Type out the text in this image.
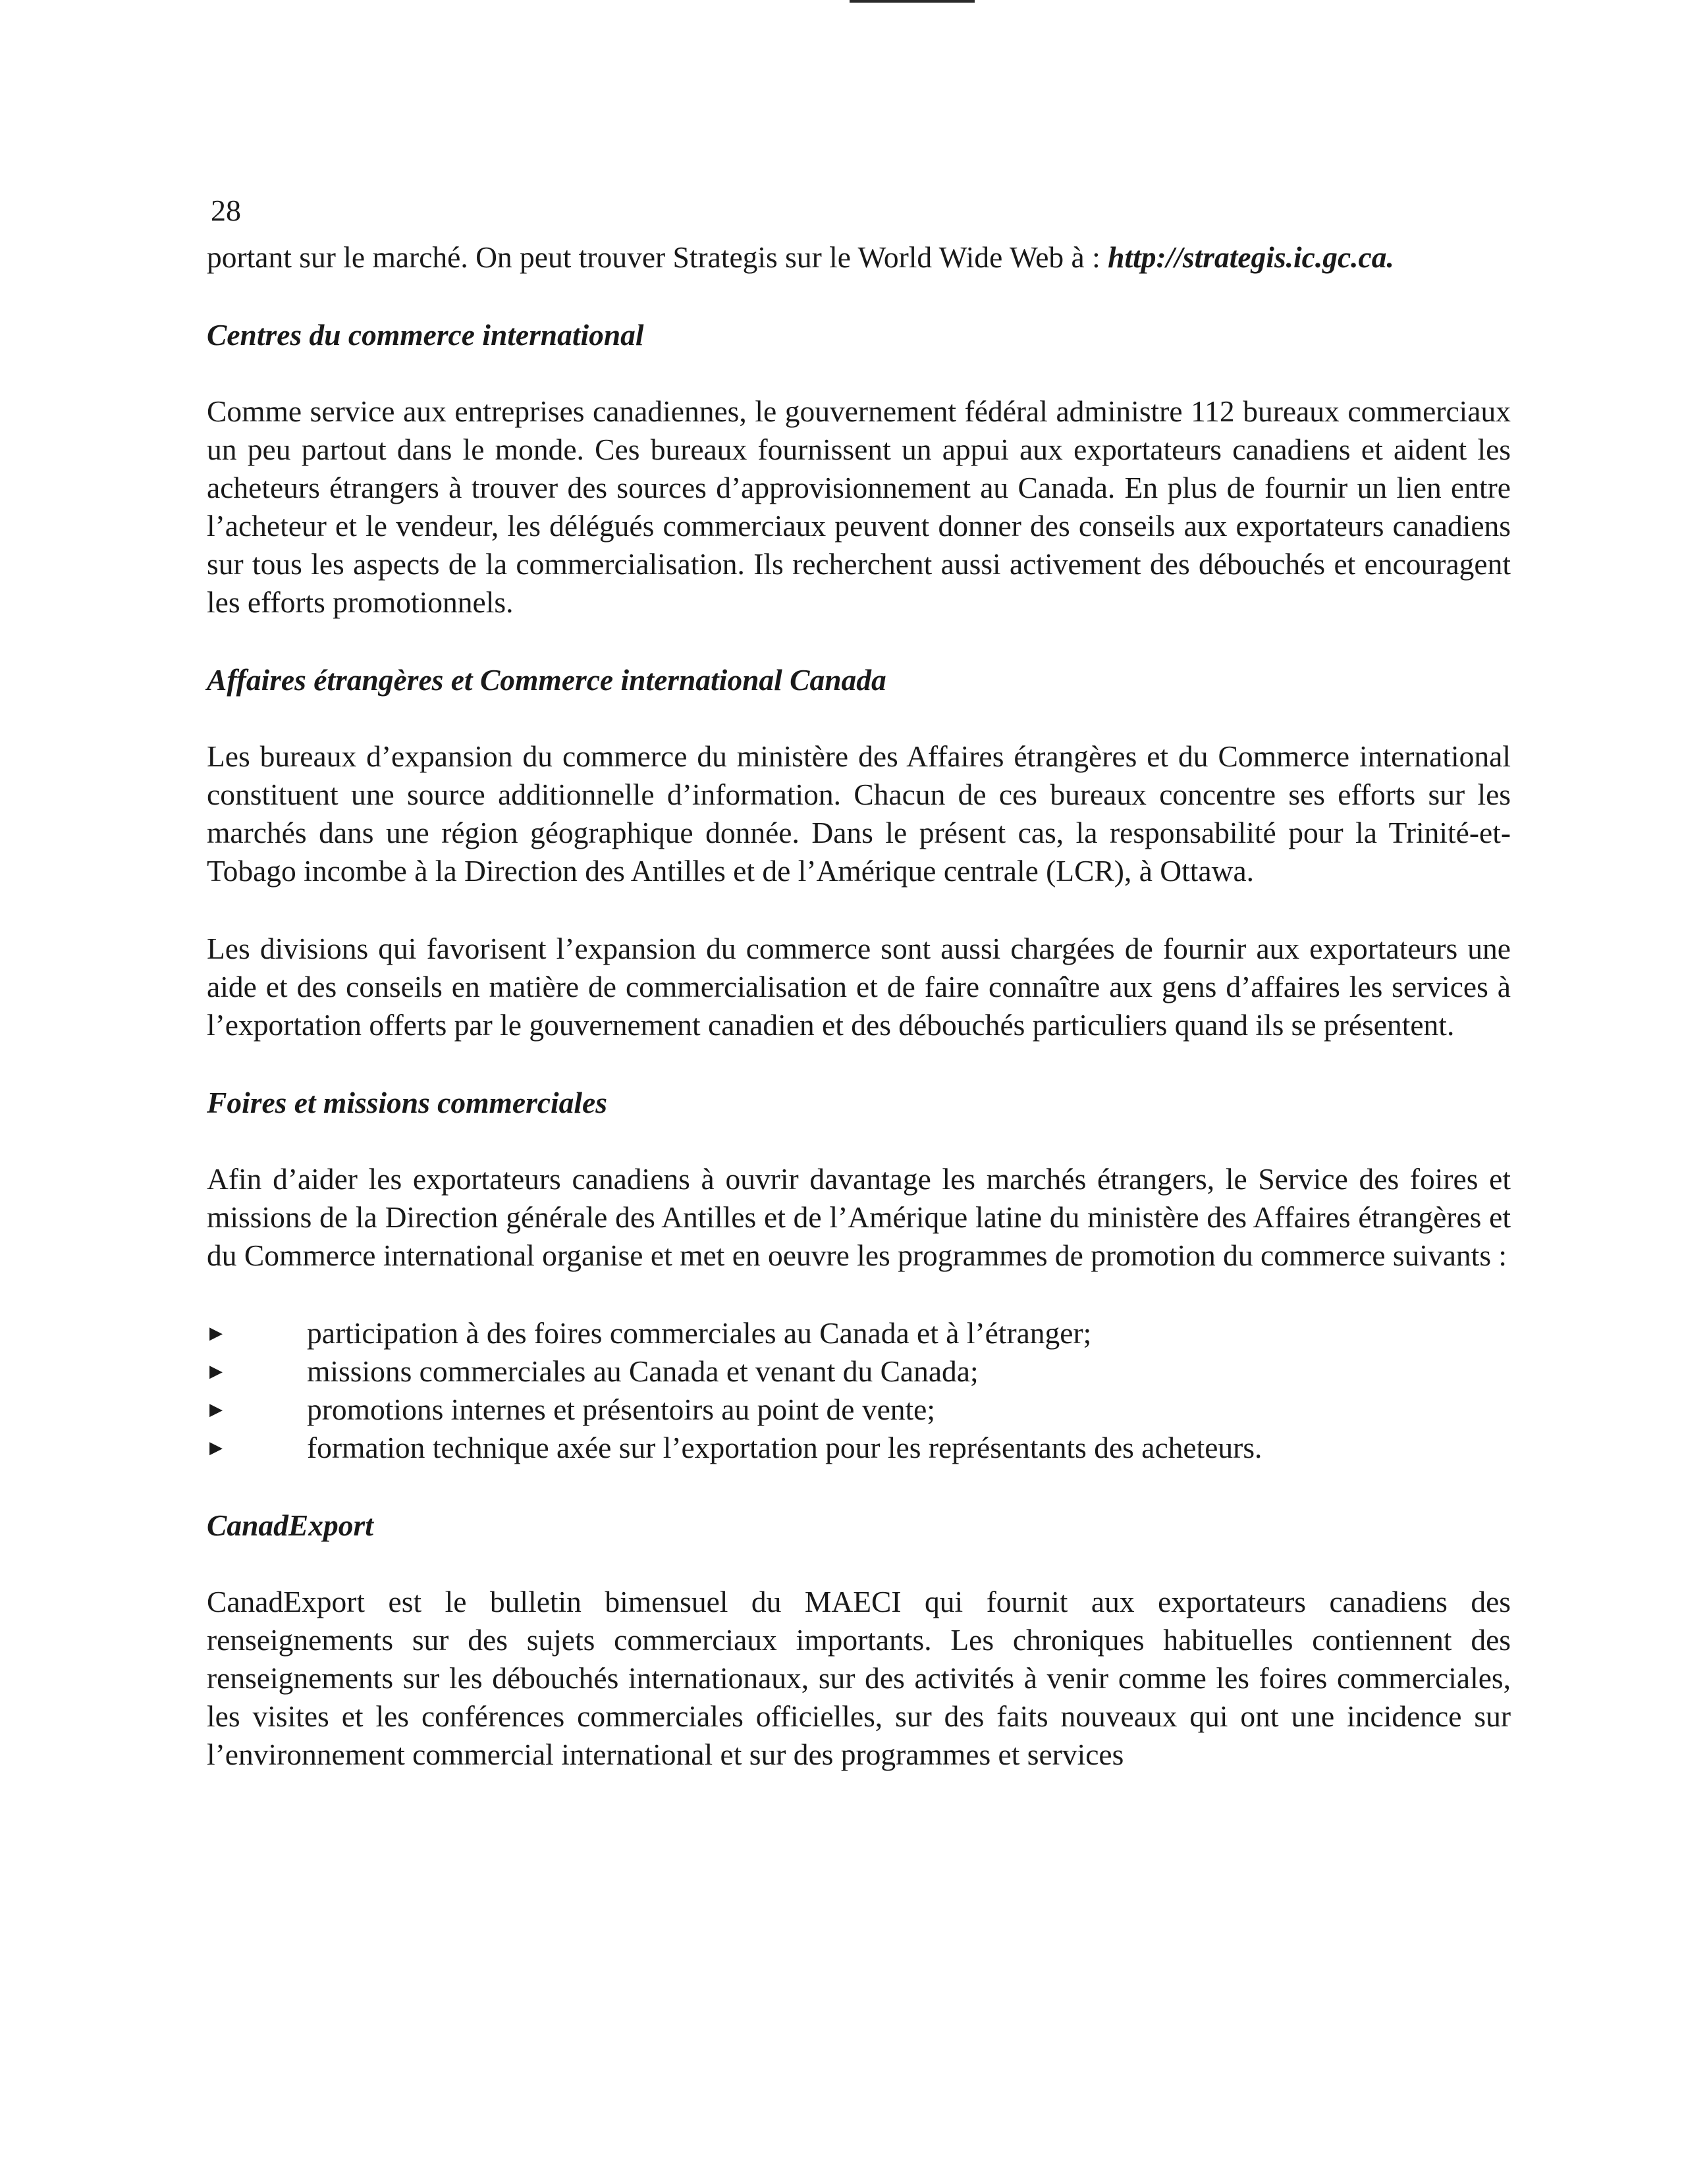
28

portant sur le marché. On peut trouver Strategis sur le World Wide Web à : http://strategis.ic.gc.ca.

Centres du commerce international

Comme service aux entreprises canadiennes, le gouvernement fédéral administre 112 bureaux commerciaux un peu partout dans le monde. Ces bureaux fournissent un appui aux exportateurs canadiens et aident les acheteurs étrangers à trouver des sources d’approvisionnement au Canada. En plus de fournir un lien entre l’acheteur et le vendeur, les délégués commerciaux peuvent donner des conseils aux exportateurs canadiens sur tous les aspects de la commercialisation. Ils recherchent aussi activement des débouchés et encouragent les efforts promotionnels.

Affaires étrangères et Commerce international Canada

Les bureaux d’expansion du commerce du ministère des Affaires étrangères et du Commerce international constituent une source additionnelle d’information. Chacun de ces bureaux concentre ses efforts sur les marchés dans une région géographique donnée. Dans le présent cas, la responsabilité pour la Trinité-et-Tobago incombe à la Direction des Antilles et de l’Amérique centrale (LCR), à Ottawa.

Les divisions qui favorisent l’expansion du commerce sont aussi chargées de fournir aux exportateurs une aide et des conseils en matière de commercialisation et de faire connaître aux gens d’affaires les services à l’exportation offerts par le gouvernement canadien et des débouchés particuliers quand ils se présentent.

Foires et missions commerciales

Afin d’aider les exportateurs canadiens à ouvrir davantage les marchés étrangers, le Service des foires et missions de la Direction générale des Antilles et de l’Amérique latine du ministère des Affaires étrangères et du Commerce international organise et met en oeuvre les programmes de promotion du commerce suivants :

▶ participation à des foires commerciales au Canada et à l’étranger;
▶ missions commerciales au Canada et venant du Canada;
▶ promotions internes et présentoirs au point de vente;
▶ formation technique axée sur l’exportation pour les représentants des acheteurs.
CanadExport

CanadExport est le bulletin bimensuel du MAECI qui fournit aux exportateurs canadiens des renseignements sur des sujets commerciaux importants. Les chroniques habituelles contiennent des renseignements sur les débouchés internationaux, sur des activités à venir comme les foires commerciales, les visites et les conférences commerciales officielles, sur des faits nouveaux qui ont une incidence sur l’environnement commercial international et sur des programmes et services
